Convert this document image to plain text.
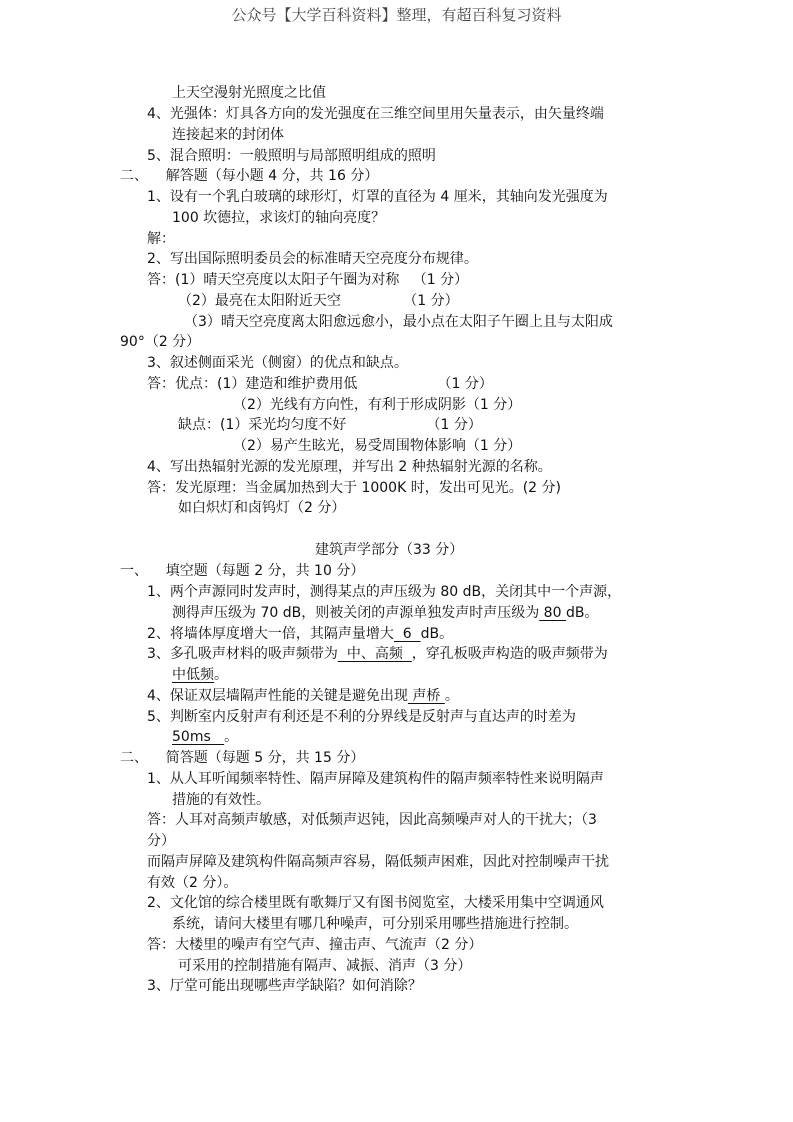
公众号【大学百科资料】整理，有超百科复习资料
上天空漫射光照度之比值
4、光强体：灯具各方向的发光强度在三维空间里用矢量表示，由矢量终端
连接起来的封闭体
5、混合照明：一般照明与局部照明组成的照明
二、    解答题（每小题 4 分，共 16 分）
1、设有一个乳白玻璃的球形灯，灯罩的直径为 4 厘米，其轴向发光强度为
100 坎德拉，求该灯的轴向亮度？
解：
2、写出国际照明委员会的标准晴天空亮度分布规律。
答：(1）晴天空亮度以太阳子午圈为对称   （1 分）
（2）最亮在太阳附近天空              （1 分）
（3）晴天空亮度离太阳愈远愈小，最小点在太阳子午圈上且与太阳成
90°（2 分）
3、叙述侧面采光（侧窗）的优点和缺点。
答：优点：(1）建造和维护费用低                  （1 分）
（2）光线有方向性，有利于形成阴影（1 分）
缺点：(1）采光均匀度不好                  （1 分）
（2）易产生眩光，易受周围物体影响（1 分）
4、写出热辐射光源的发光原理，并写出 2 种热辐射光源的名称。
答：发光原理：当金属加热到大于 1000K 时，发出可见光。(2 分)
如白炽灯和卤钨灯（2 分）
建筑声学部分（33 分）
一、    填空题（每题 2 分，共 10 分）
1、两个声源同时发声时，测得某点的声压级为 80 dB，关闭其中一个声源，
测得声压级为 70 dB，则被关闭的声源单独发声时声压级为 80 dB。
2、将墙体厚度增大一倍，其隔声量增大  6  dB。
3、多孔吸声材料的吸声频带为  中、高频  ，穿孔板吸声构造的吸声频带为
中低频。
4、保证双层墙隔声性能的关键是避免出现 声桥 。
5、判断室内反射声有利还是不利的分界线是反射声与直达声的时差为
50ms   。
二、    简答题（每题 5 分，共 15 分）
1、从人耳听闻频率特性、隔声屏障及建筑构件的隔声频率特性来说明隔声
措施的有效性。
答：人耳对高频声敏感，对低频声迟钝，因此高频噪声对人的干扰大；（3
分）
而隔声屏障及建筑构件隔高频声容易，隔低频声困难，因此对控制噪声干扰
有效（2 分）。
2、文化馆的综合楼里既有歌舞厅又有图书阅览室，大楼采用集中空调通风
系统，请问大楼里有哪几种噪声，可分别采用哪些措施进行控制。
答：大楼里的噪声有空气声、撞击声、气流声（2 分）
可采用的控制措施有隔声、减振、消声（3 分）
3、厅堂可能出现哪些声学缺陷？如何消除？
